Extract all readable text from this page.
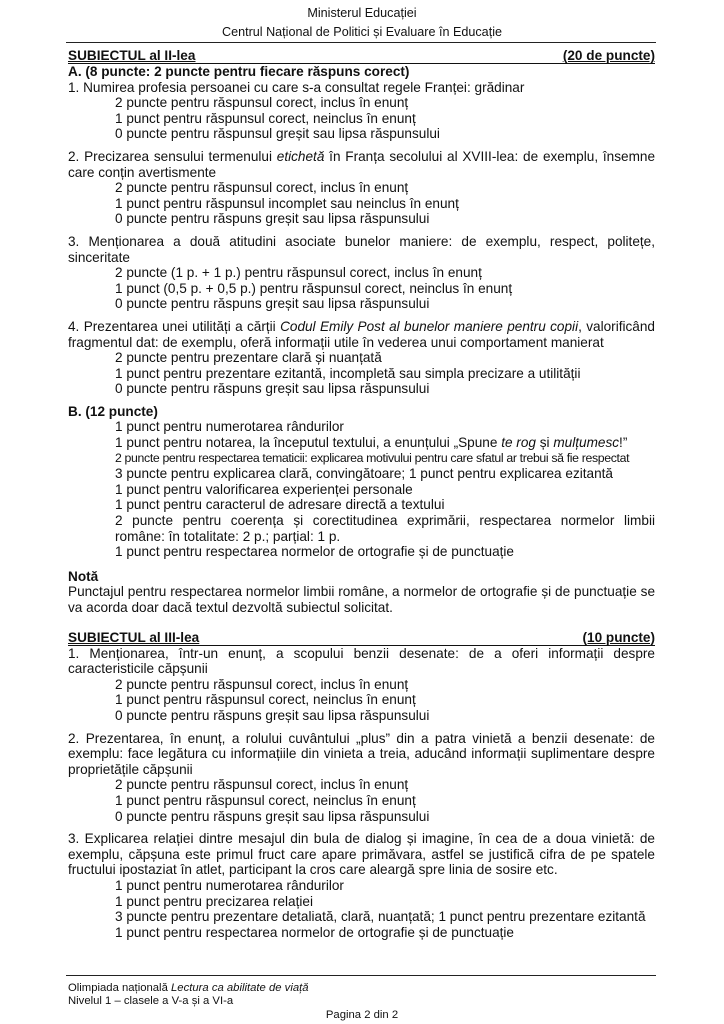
Ministerul Educației
Centrul Național de Politici și Evaluare în Educație
SUBIECTUL al II-lea	(20 de puncte)
A. (8 puncte: 2 puncte pentru fiecare răspuns corect)
1. Numirea profesia persoanei cu care s-a consultat regele Franței: grădinar
2 puncte pentru răspunsul corect, inclus în enunț
1 punct pentru răspunsul corect, neinclus în enunț
0 puncte pentru răspunsul greșit sau lipsa răspunsului
2. Precizarea sensului termenului etichetă în Franța secolului al XVIII-lea: de exemplu, însemne care conțin avertismente
2 puncte pentru răspunsul corect, inclus în enunț
1 punct pentru răspunsul incomplet sau neinclus în enunț
0 puncte pentru răspuns greșit sau lipsa răspunsului
3. Menționarea a două atitudini asociate bunelor maniere: de exemplu, respect, politețe, sinceritate
2 puncte (1 p. + 1 p.) pentru răspunsul corect, inclus în enunț
1 punct (0,5 p. + 0,5 p.) pentru răspunsul corect, neinclus în enunț
0 puncte pentru răspuns greșit sau lipsa răspunsului
4. Prezentarea unei utilități a cărții Codul Emily Post al bunelor maniere pentru copii, valorificând fragmentul dat: de exemplu, oferă informații utile în vederea unui comportament manierat
2 puncte pentru prezentare clară și nuanțată
1 punct pentru prezentare ezitantă, incompletă sau simpla precizare a utilității
0 puncte pentru răspuns greșit sau lipsa răspunsului
B. (12 puncte)
1 punct pentru numerotarea rândurilor
1 punct pentru notarea, la începutul textului, a enunțului „Spune te rog și mulțumesc!”
2 puncte pentru respectarea tematicii: explicarea motivului pentru care sfatul ar trebui să fie respectat
3 puncte pentru explicarea clară, convingătoare; 1 punct pentru explicarea ezitantă
1 punct pentru valorificarea experienței personale
1 punct pentru caracterul de adresare directă a textului
2 puncte pentru coerența și corectitudinea exprimării, respectarea normelor limbii române: în totalitate: 2 p.; parțial: 1 p.
1 punct pentru respectarea normelor de ortografie și de punctuație
Notă
Punctajul pentru respectarea normelor limbii române, a normelor de ortografie și de punctuație se va acorda doar dacă textul dezvoltă subiectul solicitat.
SUBIECTUL al III-lea	(10 puncte)
1. Menționarea, într-un enunț, a scopului benzii desenate: de a oferi informații despre caracteristicile căpșunii
2 puncte pentru răspunsul corect, inclus în enunț
1 punct pentru răspunsul corect, neinclus în enunț
0 puncte pentru răspuns greșit sau lipsa răspunsului
2. Prezentarea, în enunț, a rolului cuvântului „plus” din a patra vinietă a benzii desenate: de exemplu: face legătura cu informațiile din vinieta a treia, aducând informații suplimentare despre proprietățile căpșunii
2 puncte pentru răspunsul corect, inclus în enunț
1 punct pentru răspunsul corect, neinclus în enunț
0 puncte pentru răspuns greșit sau lipsa răspunsului
3. Explicarea relației dintre mesajul din bula de dialog și imagine, în cea de a doua vinietă: de exemplu, căpșuna este primul fruct care apare primăvara, astfel se justifică cifra de pe spatele fructului ipostaziat în atlet, participant la cros care aleargă spre linia de sosire etc.
1 punct pentru numerotarea rândurilor
1 punct pentru precizarea relației
3 puncte pentru prezentare detaliată, clară, nuanțată; 1 punct pentru prezentare ezitantă
1 punct pentru respectarea normelor de ortografie și de punctuație
Olimpiada națională Lectura ca abilitate de viață
Nivelul 1 – clasele a V-a și a VI-a
Pagina 2 din 2
